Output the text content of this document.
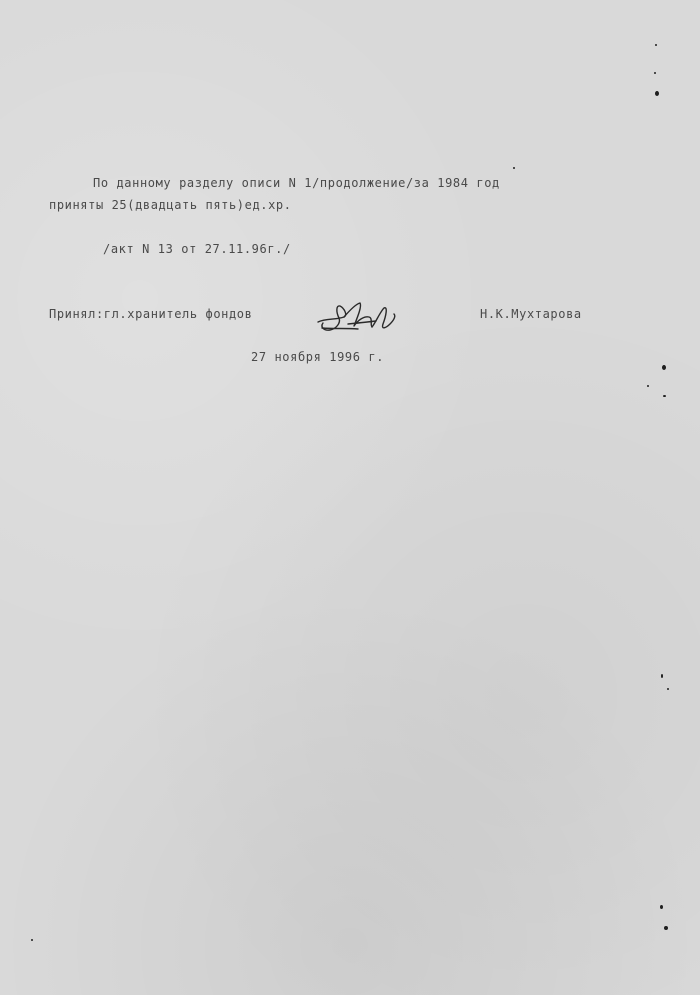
По данному разделу описи N 1/продолжение/за 1984 год

приняты 25(двадцать пять)ед.хр.

/акт N 13 от 27.11.96г./

Принял:гл.хранитель фондов	Н.К.Мухтарова

27 ноября 1996 г.
